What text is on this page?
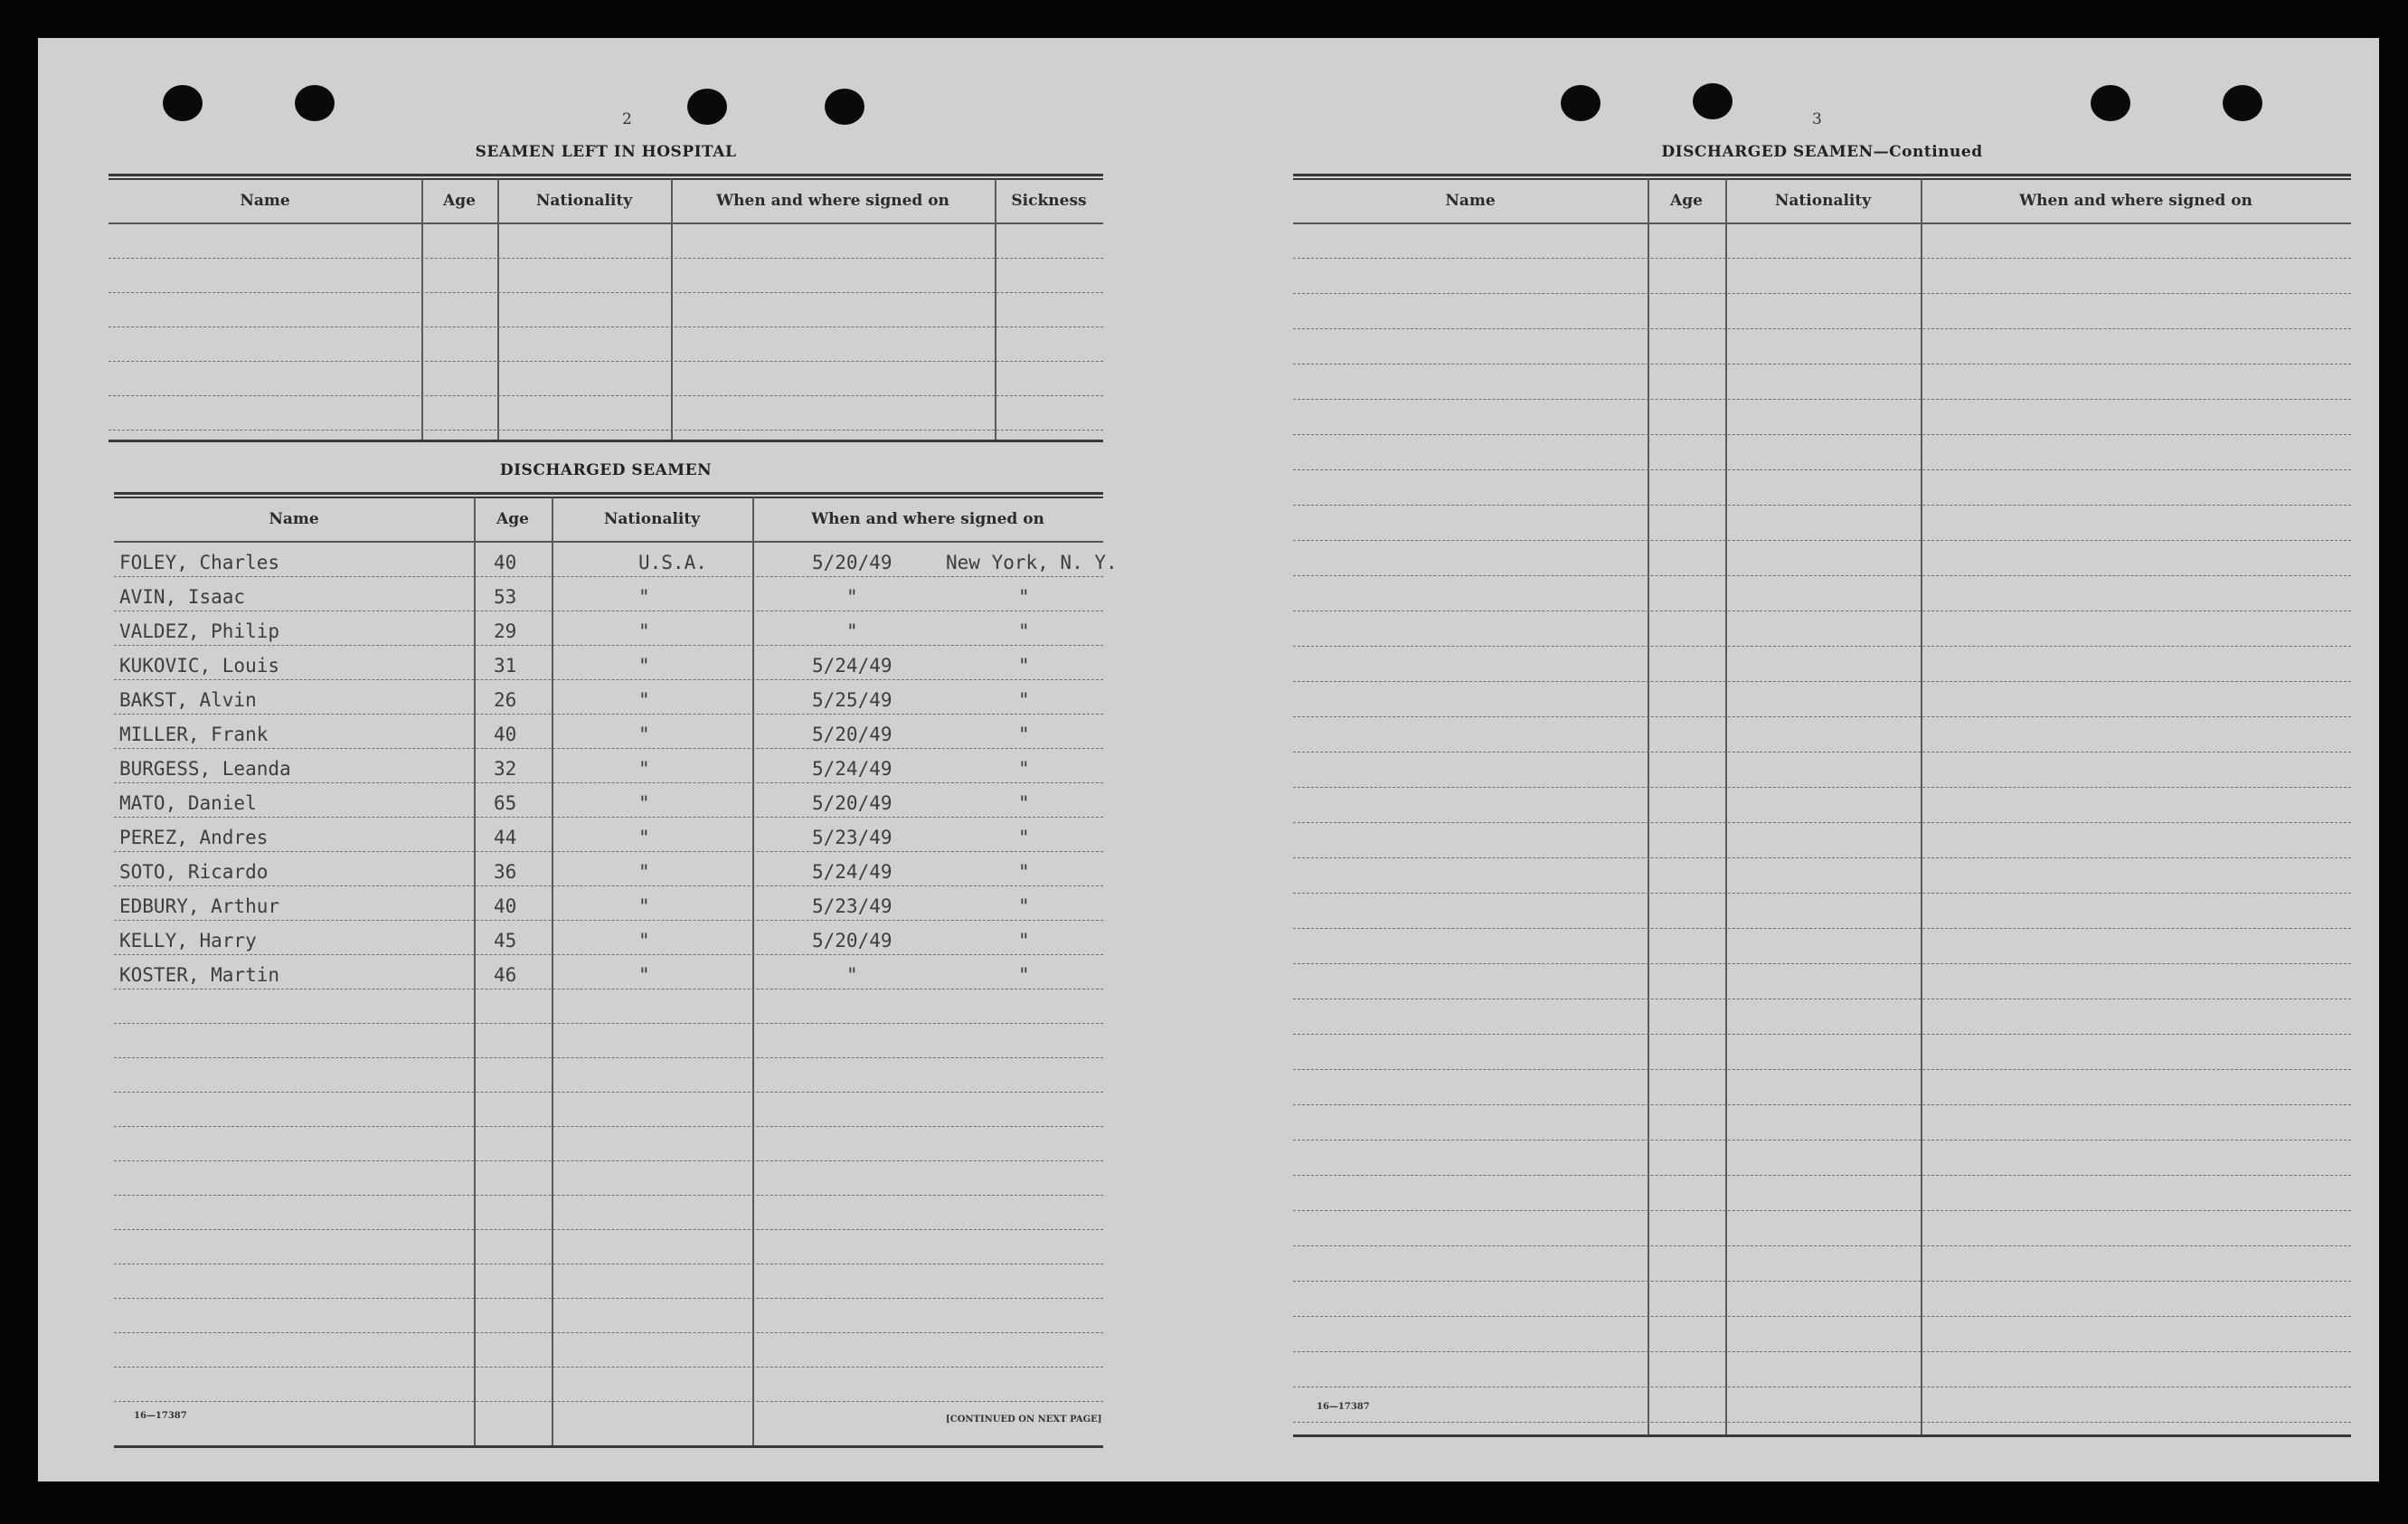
2
SEAMEN LEFT IN HOSPITAL
Name	Age	Nationality	When and where signed on	Sickness
DISCHARGED SEAMEN
Name	Age	Nationality	When and where signed on
FOLEY, Charles	40	U.S.A.	5/20/49	New York, N. Y.
AVIN, Isaac	53	"	"	"
VALDEZ, Philip	29	"	"	"
KUKOVIC, Louis	31	"	5/24/49	"
BAKST, Alvin	26	"	5/25/49	"
MILLER, Frank	40	"	5/20/49	"
BURGESS, Leanda	32	"	5/24/49	"
MATO, Daniel	65	"	5/20/49	"
PEREZ, Andres	44	"	5/23/49	"
SOTO, Ricardo	36	"	5/24/49	"
EDBURY, Arthur	40	"	5/23/49	"
KELLY, Harry	45	"	5/20/49	"
KOSTER, Martin	46	"	"	"
16—17387	[CONTINUED ON NEXT PAGE]
3
DISCHARGED SEAMEN—Continued
Name	Age	Nationality	When and where signed on
16—17387
